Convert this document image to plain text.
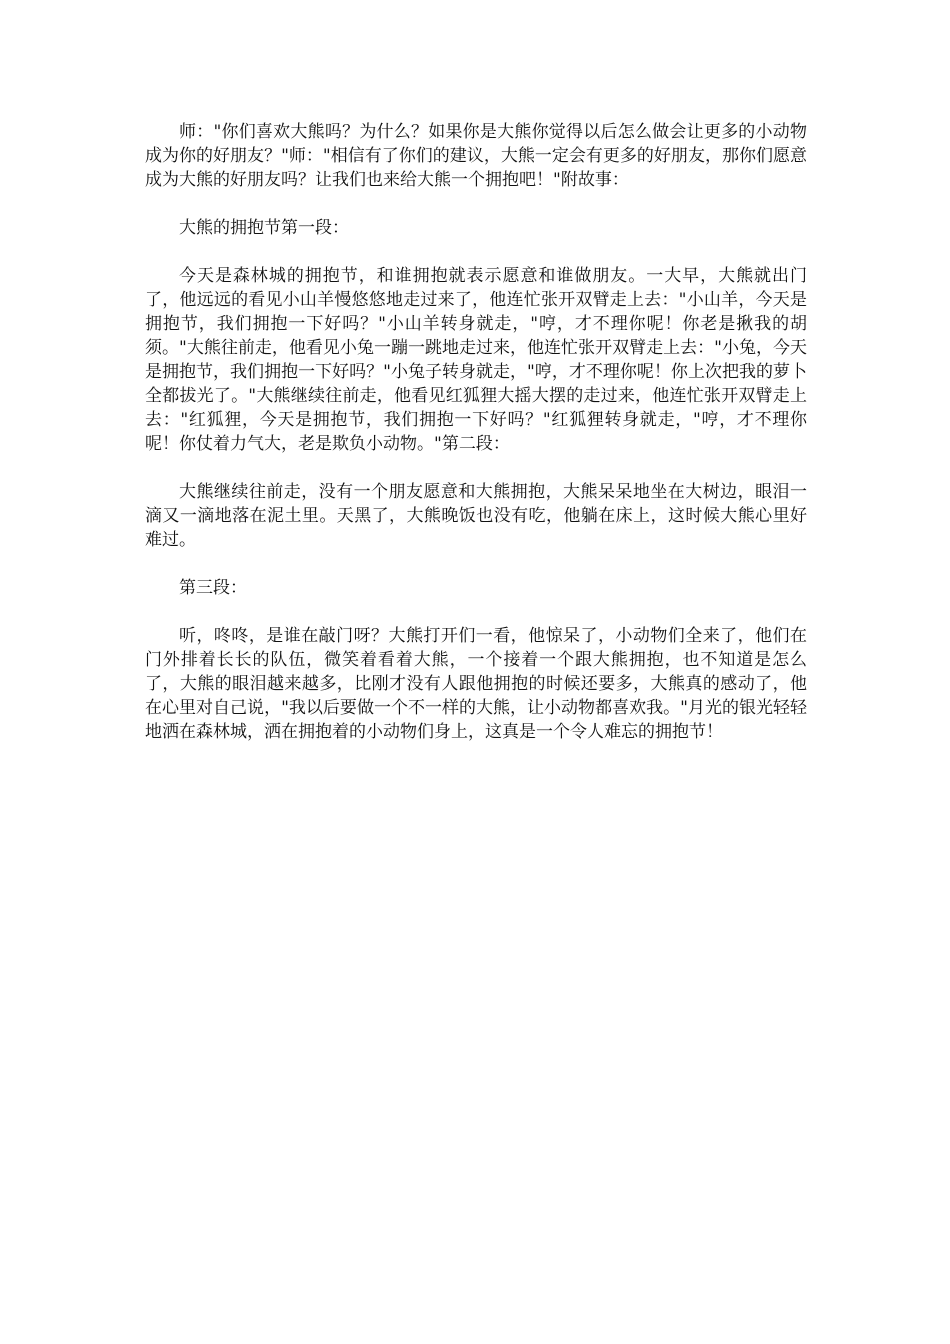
师："你们喜欢大熊吗？为什么？如果你是大熊你觉得以后怎么做会让更多的小动物成为你的好朋友？"师："相信有了你们的建议，大熊一定会有更多的好朋友，那你们愿意成为大熊的好朋友吗？让我们也来给大熊一个拥抱吧！"附故事：

大熊的拥抱节第一段：

今天是森林城的拥抱节，和谁拥抱就表示愿意和谁做朋友。一大早，大熊就出门了，他远远的看见小山羊慢悠悠地走过来了，他连忙张开双臂走上去："小山羊，今天是拥抱节，我们拥抱一下好吗？"小山羊转身就走，"哼，才不理你呢！你老是揪我的胡须。"大熊往前走，他看见小兔一蹦一跳地走过来，他连忙张开双臂走上去："小兔，今天是拥抱节，我们拥抱一下好吗？"小兔子转身就走，"哼，才不理你呢！你上次把我的萝卜全都拔光了。"大熊继续往前走，他看见红狐狸大摇大摆的走过来，他连忙张开双臂走上去："红狐狸，今天是拥抱节，我们拥抱一下好吗？"红狐狸转身就走，"哼，才不理你呢！你仗着力气大，老是欺负小动物。"第二段：

大熊继续往前走，没有一个朋友愿意和大熊拥抱，大熊呆呆地坐在大树边，眼泪一滴又一滴地落在泥土里。天黑了，大熊晚饭也没有吃，他躺在床上，这时候大熊心里好难过。

第三段：

听，咚咚，是谁在敲门呀？大熊打开们一看，他惊呆了，小动物们全来了，他们在门外排着长长的队伍，微笑着看着大熊，一个接着一个跟大熊拥抱，也不知道是怎么了，大熊的眼泪越来越多，比刚才没有人跟他拥抱的时候还要多，大熊真的感动了，他在心里对自己说，"我以后要做一个不一样的大熊，让小动物都喜欢我。"月光的银光轻轻地洒在森林城，洒在拥抱着的小动物们身上，这真是一个令人难忘的拥抱节！
